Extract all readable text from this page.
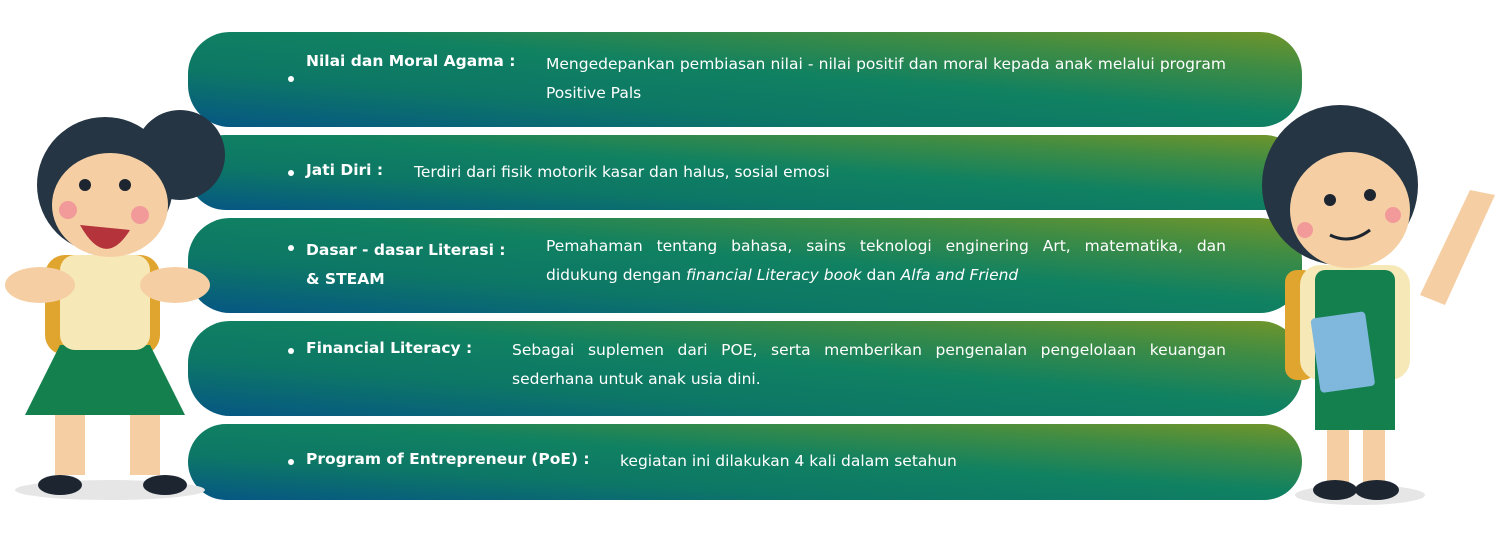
Nilai dan Moral Agama : Mengedepankan pembiasan nilai - nilai positif dan moral kepada anak melalui program Positive Pals
Jati Diri : Terdiri dari fisik motorik kasar dan halus, sosial emosi
Dasar - dasar Literasi :
& STEAM
Pemahaman tentang bahasa, sains teknologi enginering Art, matematika, dan didukung dengan financial Literacy book dan Alfa and Friend
Financial Literacy :	Sebagai suplemen dari POE, serta memberikan pengenalan pengelolaan keuangan sederhana untuk anak usia dini.
Program of Entrepreneur (PoE) : kegiatan ini dilakukan 4 kali dalam setahun
